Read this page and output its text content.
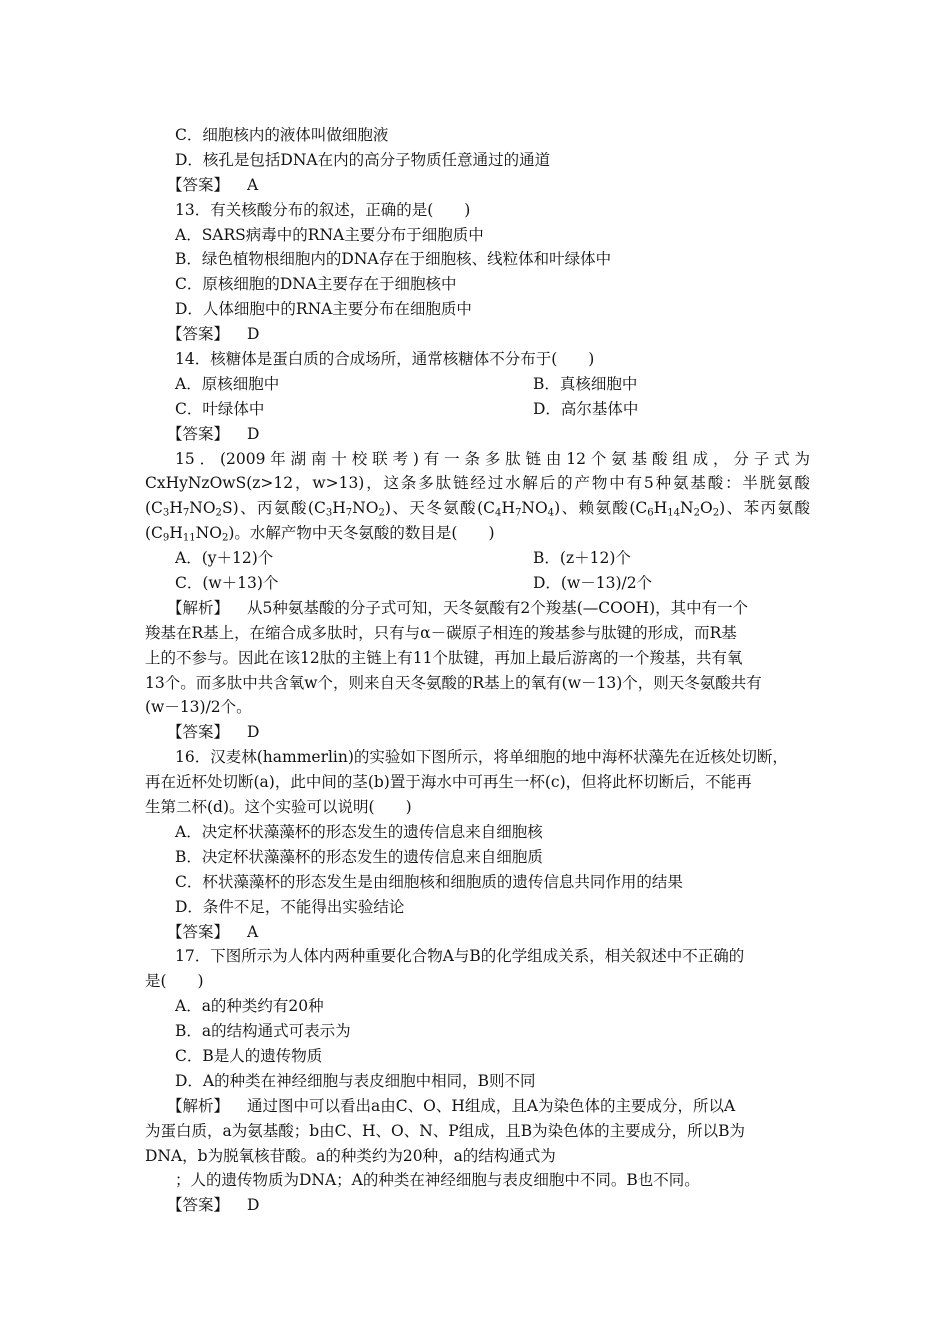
C．细胞核内的液体叫做细胞液
D．核孔是包括DNA在内的高分子物质任意通过的通道
【答案】 A
13．有关核酸分布的叙述，正确的是(　　)
A．SARS病毒中的RNA主要分布于细胞质中
B．绿色植物根细胞内的DNA存在于细胞核、线粒体和叶绿体中
C．原核细胞的DNA主要存在于细胞核中
D．人体细胞中的RNA主要分布在细胞质中
【答案】 D
14．核糖体是蛋白质的合成场所，通常核糖体不分布于(　　)
A．原核细胞中	B．真核细胞中
C．叶绿体中	D．高尔基体中
【答案】 D
15．(2009年湖南十校联考)有一条多肽链由12个氨基酸组成，分子式为
CxHyNzOwS(z>12，w>13)，这条多肽链经过水解后的产物中有5种氨基酸：半胱氨酸
$(C_3H_7NO_2S)$、丙氨酸$(C_3H_7NO_2)$、天冬氨酸$(C_4H_7NO_4)$、赖氨酸$(C_6H_{14}N_2O_2)$、苯丙氨酸
$(C_9H_{11}NO_2)$。水解产物中天冬氨酸的数目是(　　)
A．(y＋12)个	B．(z＋12)个
C．(w＋13)个	D．(w－13)/2个
【解析】 从5种氨基酸的分子式可知，天冬氨酸有2个羧基(—COOH)，其中有一个
羧基在R基上，在缩合成多肽时，只有与α－碳原子相连的羧基参与肽键的形成，而R基
上的不参与。因此在该12肽的主链上有11个肽键，再加上最后游离的一个羧基，共有氧
13个。而多肽中共含氧w个，则来自天冬氨酸的R基上的氧有(w－13)个，则天冬氨酸共有
(w－13)/2个。
【答案】 D
16．汉麦林(hammerlin)的实验如下图所示，将单细胞的地中海杯状藻先在近核处切断，
再在近杯处切断(a)，此中间的茎(b)置于海水中可再生一杯(c)，但将此杯切断后，不能再
生第二杯(d)。这个实验可以说明(　　)
A．决定杯状藻藻杯的形态发生的遗传信息来自细胞核
B．决定杯状藻藻杯的形态发生的遗传信息来自细胞质
C．杯状藻藻杯的形态发生是由细胞核和细胞质的遗传信息共同作用的结果
D．条件不足，不能得出实验结论
【答案】 A
17．下图所示为人体内两种重要化合物A与B的化学组成关系，相关叙述中不正确的
是(　　)
A．a的种类约有20种
B．a的结构通式可表示为
C．B是人的遗传物质
D．A的种类在神经细胞与表皮细胞中相同，B则不同
【解析】 通过图中可以看出a由C、O、H组成，且A为染色体的主要成分，所以A
为蛋白质，a为氨基酸；b由C、H、O、N、P组成，且B为染色体的主要成分，所以B为
DNA，b为脱氧核苷酸。a的种类约为20种，a的结构通式为
；人的遗传物质为DNA；A的种类在神经细胞与表皮细胞中不同。B也不同。
【答案】 D
